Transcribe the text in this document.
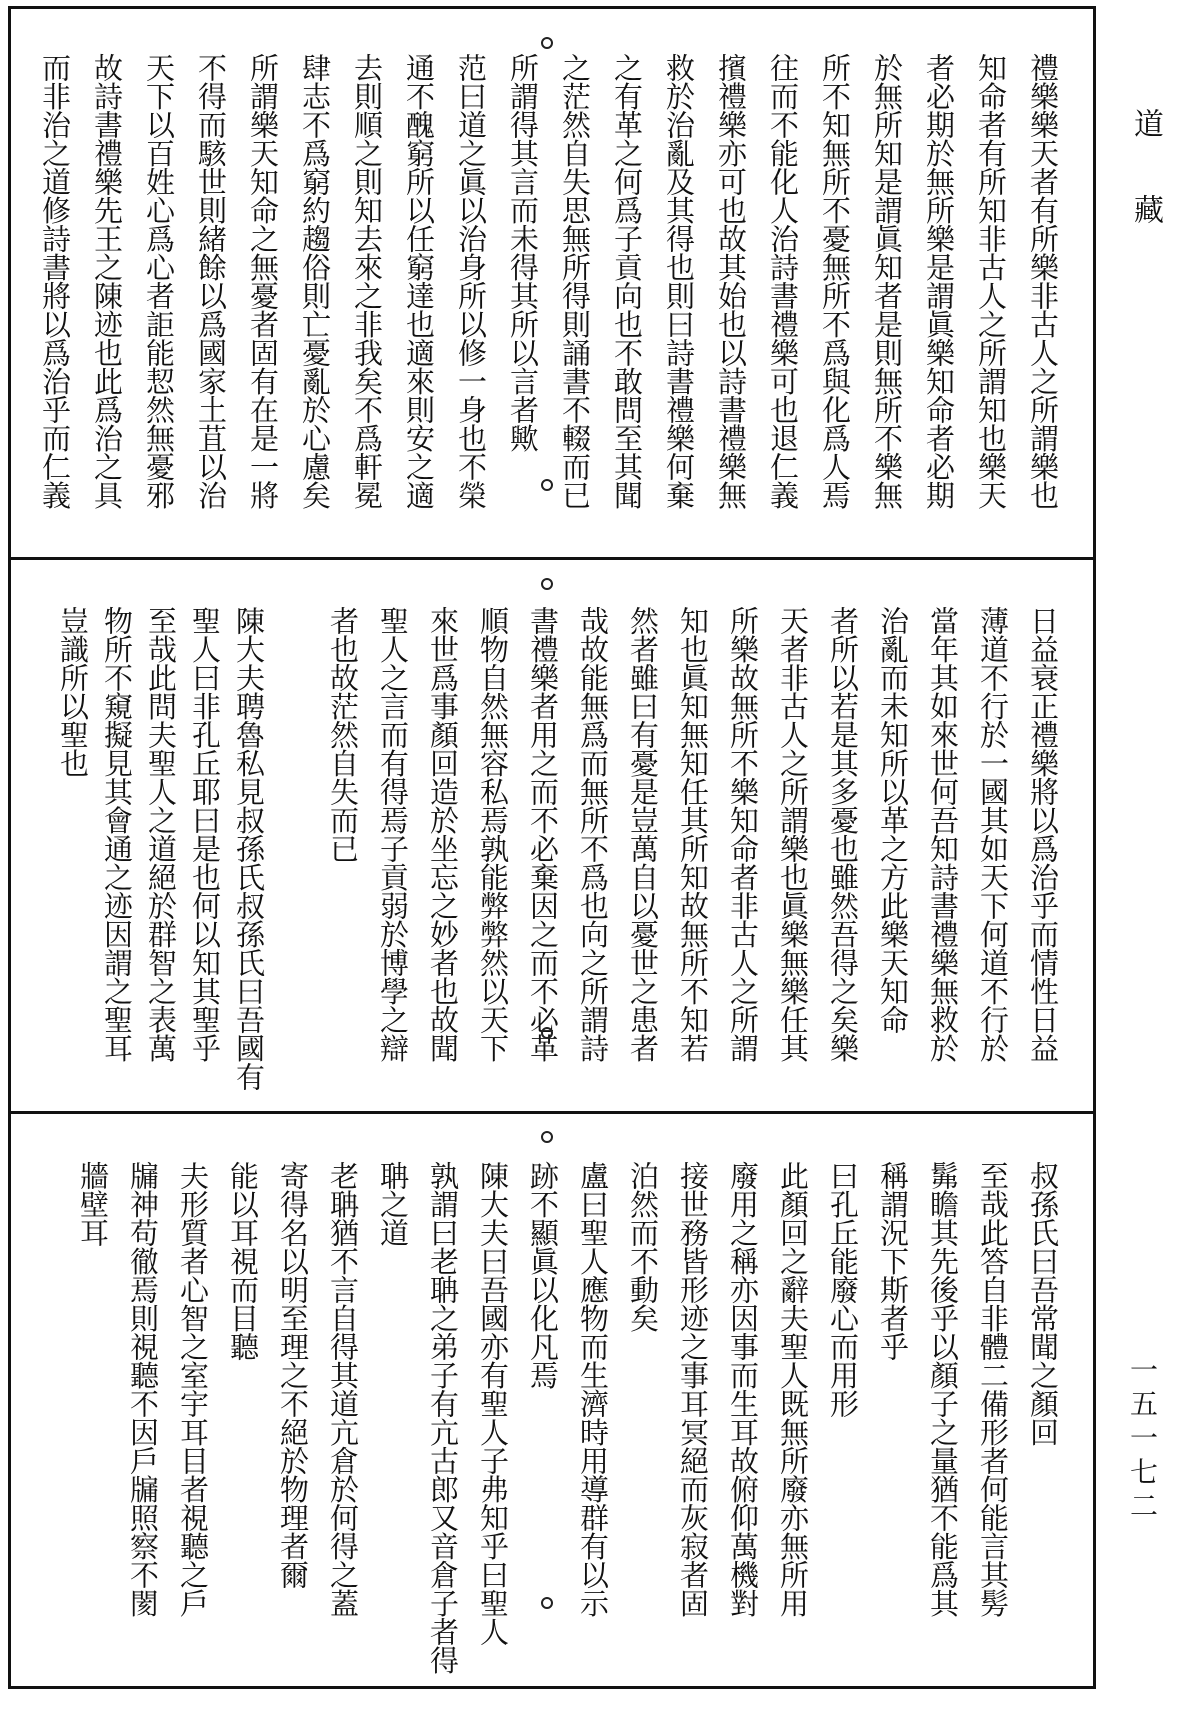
道藏
一五一七二
禮樂樂天者有所樂非古人之所謂樂也
知命者有所知非古人之所謂知也樂天
者必期於無所樂是謂眞樂知命者必期
於無所知是謂眞知者是則無所不樂無
所不知無所不憂無所不爲與化爲人焉
往而不能化人治詩書禮樂可也退仁義
擯禮樂亦可也故其始也以詩書禮樂無
救於治亂及其得也則曰詩書禮樂何棄
之有革之何爲子貢向也不敢問至其聞
之茫然自失思無所得則誦書不輟而已
所謂得其言而未得其所以言者歟
范曰道之眞以治身所以修一身也不榮
通不醜窮所以任窮達也適來則安之適
去則順之則知去來之非我矣不爲軒冕
肆志不爲窮約趨俗則亡憂亂於心慮矣
所謂樂天知命之無憂者固有在是一將
不得而駭世則緒餘以爲國家土苴以治
天下以百姓心爲心者詎能恝然無憂邪
故詩書禮樂先王之陳迹也此爲治之具
而非治之道修詩書將以爲治乎而仁義
日益衰正禮樂將以爲治乎而情性日益
薄道不行於一國其如天下何道不行於
當年其如來世何吾知詩書禮樂無救於
治亂而未知所以革之方此樂天知命
者所以若是其多憂也雖然吾得之矣樂
天者非古人之所謂樂也眞樂無樂任其
所樂故無所不樂知命者非古人之所謂
知也眞知無知任其所知故無所不知若
然者雖曰有憂是豈萬自以憂世之患者
哉故能無爲而無所不爲也向之所謂詩
書禮樂者用之而不必棄因之而不必革
順物自然無容私焉孰能弊弊然以天下
來世爲事顏回造於坐忘之妙者也故聞
聖人之言而有得焉子貢弱於博學之辯
者也故茫然自失而已
陳大夫聘魯私見叔孫氏叔孫氏曰吾國有
聖人曰非孔丘耶曰是也何以知其聖乎
至哉此問夫聖人之道絕於群智之表萬
物所不窺擬見其會通之迹因謂之聖耳
豈識所以聖也
叔孫氏曰吾常聞之顏回
至哉此答自非體二備形者何能言其髣
髴瞻其先後乎以顏子之量猶不能爲其
稱謂況下斯者乎
曰孔丘能廢心而用形
此顏回之辭夫聖人既無所廢亦無所用
廢用之稱亦因事而生耳故俯仰萬機對
接世務皆形迹之事耳冥絕而灰寂者固
泊然而不動矣
盧曰聖人應物而生濟時用導群有以示
跡不顯眞以化凡焉
陳大夫曰吾國亦有聖人子弗知乎曰聖人
孰謂曰老聃之弟子有亢古郎又音倉子者得
聃之道
老聃猶不言自得其道亢倉於何得之蓋
寄得名以明至理之不絕於物理者爾
能以耳視而目聽
夫形質者心智之室宇耳目者視聽之戶
牖神苟徹焉則視聽不因戶牖照察不閡
牆壁耳
